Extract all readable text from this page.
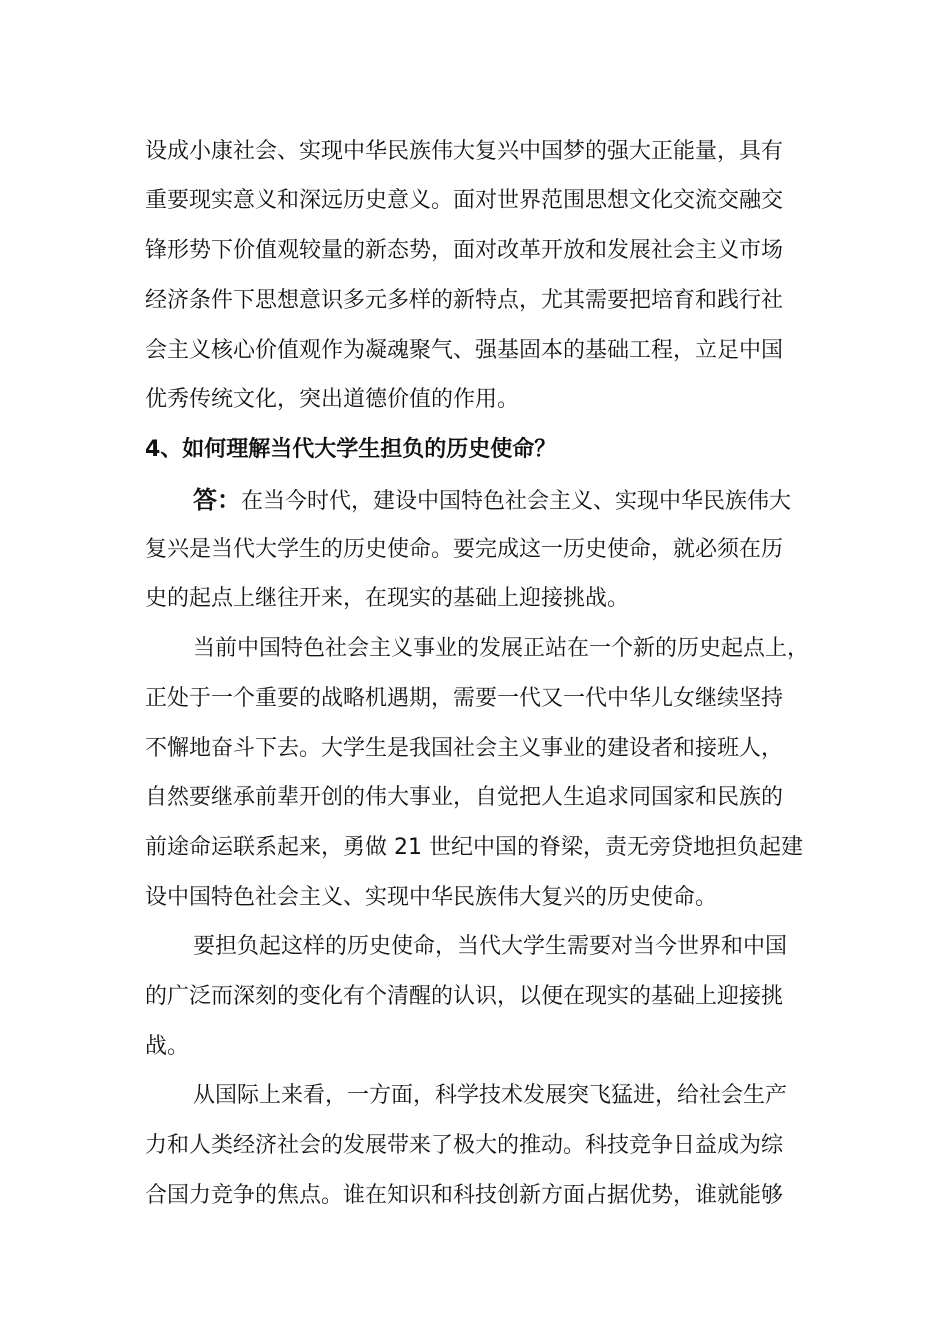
设成小康社会、实现中华民族伟大复兴中国梦的强大正能量，具有
重要现实意义和深远历史意义。面对世界范围思想文化交流交融交
锋形势下价值观较量的新态势，面对改革开放和发展社会主义市场
经济条件下思想意识多元多样的新特点，尤其需要把培育和践行社
会主义核心价值观作为凝魂聚气、强基固本的基础工程，立足中国
优秀传统文化，突出道德价值的作用。
4、如何理解当代大学生担负的历史使命？
答：在当今时代，建设中国特色社会主义、实现中华民族伟大
复兴是当代大学生的历史使命。要完成这一历史使命，就必须在历
史的起点上继往开来，在现实的基础上迎接挑战。
当前中国特色社会主义事业的发展正站在一个新的历史起点上，
正处于一个重要的战略机遇期，需要一代又一代中华儿女继续坚持
不懈地奋斗下去。大学生是我国社会主义事业的建设者和接班人，
自然要继承前辈开创的伟大事业，自觉把人生追求同国家和民族的
前途命运联系起来，勇做 21 世纪中国的脊梁，责无旁贷地担负起建
设中国特色社会主义、实现中华民族伟大复兴的历史使命。
要担负起这样的历史使命，当代大学生需要对当今世界和中国
的广泛而深刻的变化有个清醒的认识，以便在现实的基础上迎接挑
战。
从国际上来看，一方面，科学技术发展突飞猛进，给社会生产
力和人类经济社会的发展带来了极大的推动。科技竞争日益成为综
合国力竞争的焦点。谁在知识和科技创新方面占据优势，谁就能够
